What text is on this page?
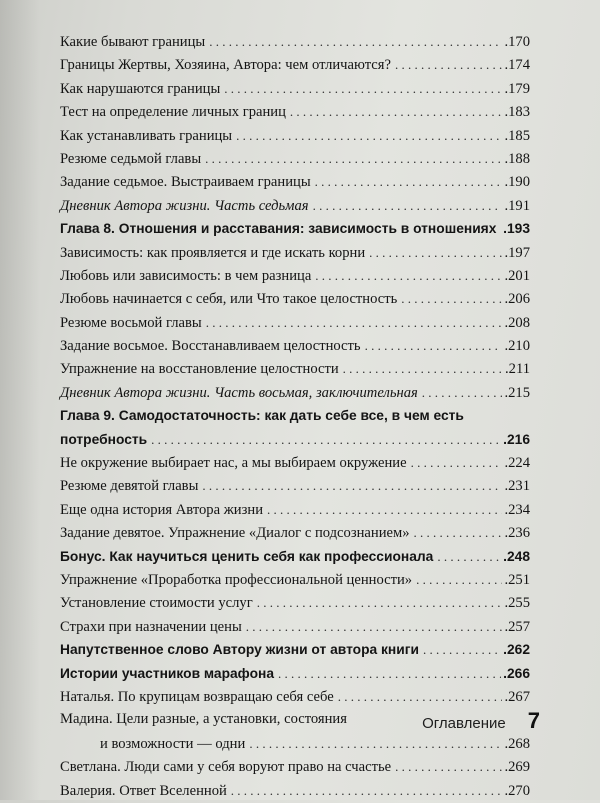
Какие бывают границы . . .	.170
Границы Жертвы, Хозяина, Автора: чем отличаются? . . .	.174
Как нарушаются границы . . .	.179
Тест на определение личных границ . . .	.183
Как устанавливать границы . . .	.185
Резюме седьмой главы . . .	.188
Задание седьмое. Выстраиваем границы . . .	.190
Дневник Автора жизни. Часть седьмая . . .	.191
Глава 8. Отношения и расставания: зависимость в отношениях . . . .193
Зависимость: как проявляется и где искать корни . . .	.197
Любовь или зависимость: в чем разница . . .	.201
Любовь начинается с себя, или Что такое целостность . . .	.206
Резюме восьмой главы . . .	.208
Задание восьмое. Восстанавливаем целостность . . .	.210
Упражнение на восстановление целостности . . .	.211
Дневник Автора жизни. Часть восьмая, заключительная . . .	.215
Глава 9. Самодостаточность: как дать себе все, в чем есть
потребность . . .	.216
Не окружение выбирает нас, а мы выбираем окружение . . .	.224
Резюме девятой главы . . .	.231
Еще одна история Автора жизни . . .	.234
Задание девятое. Упражнение «Диалог с подсознанием» . . .	.236
Бонус. Как научиться ценить себя как профессионала . . .	.248
Упражнение «Проработка профессиональной ценности» . . .	.251
Установление стоимости услуг . . .	.255
Страхи при назначении цены . . .	.257
Напутственное слово Автору жизни от автора книги . . .	.262
Истории участников марафона . . .	.266
Наталья. По крупицам возвращаю себя себе . . .	.267
Мадина. Цели разные, а установки, состояния
и возможности — одни . . .	.268
Светлана. Люди сами у себя воруют право на счастье . . .	.269
Валерия. Ответ Вселенной . . .	.270
Оглавление 7
